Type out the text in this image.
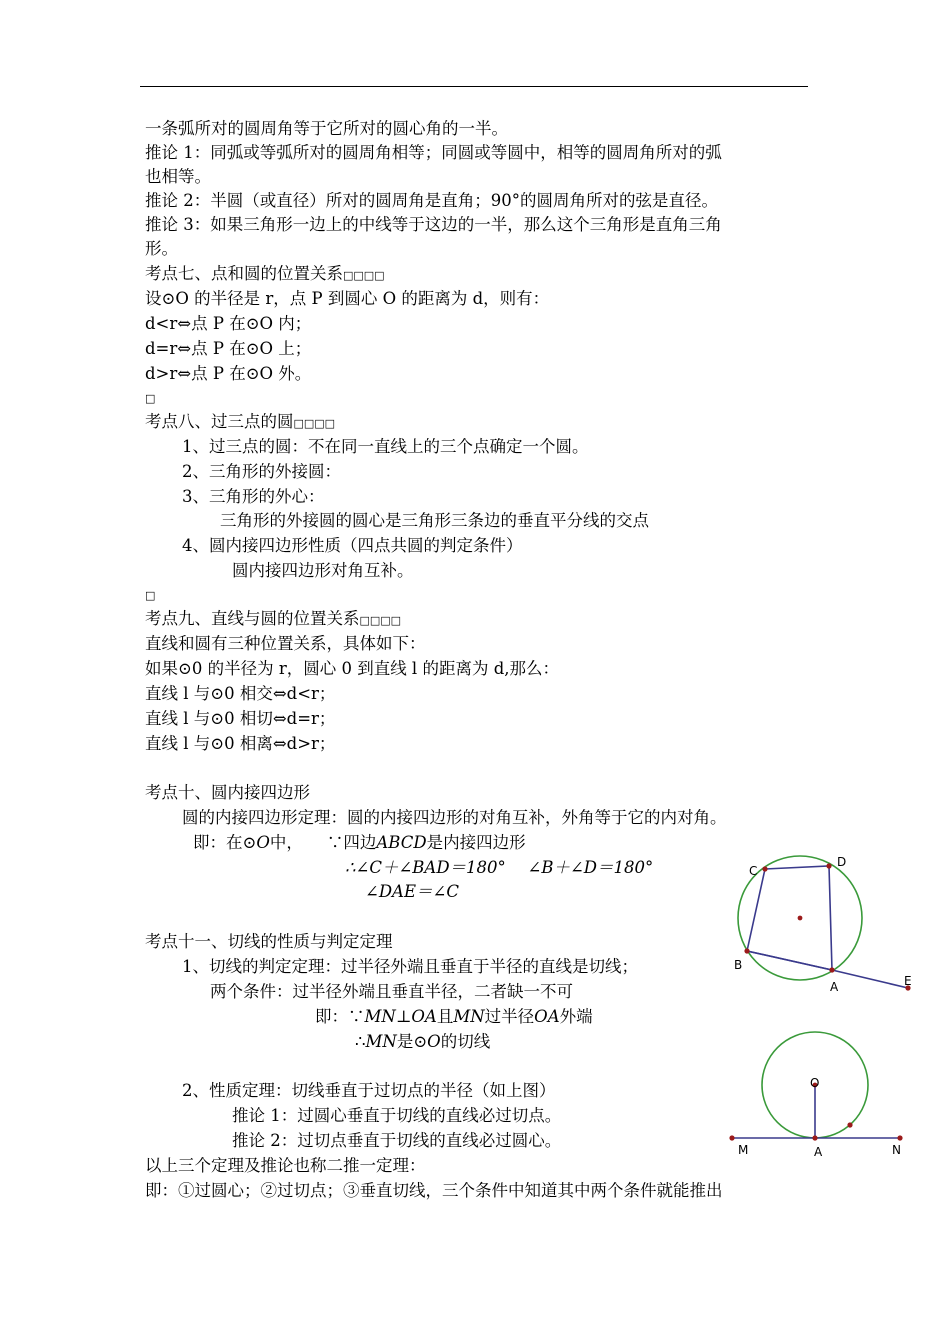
一条弧所对的圆周角等于它所对的圆心角的一半。
推论 1：同弧或等弧所对的圆周角相等；同圆或等圆中，相等的圆周角所对的弧
也相等。
推论 2：半圆（或直径）所对的圆周角是直角；90°的圆周角所对的弦是直径。
推论 3：如果三角形一边上的中线等于这边的一半，那么这个三角形是直角三角
形。
考点七、点和圆的位置关系□□□□
设⊙O 的半径是 r，点 P 到圆心 O 的距离为 d，则有：
d<r⇔点 P 在⊙O 内；
d=r⇔点 P 在⊙O 上；
d>r⇔点 P 在⊙O 外。
□
考点八、过三点的圆□□□□
1、过三点的圆：不在同一直线上的三个点确定一个圆。
2、三角形的外接圆：
3、三角形的外心：
三角形的外接圆的圆心是三角形三条边的垂直平分线的交点
4、圆内接四边形性质（四点共圆的判定条件）
圆内接四边形对角互补。
□
考点九、直线与圆的位置关系□□□□
直线和圆有三种位置关系，具体如下：
如果⊙0 的半径为 r，圆心 0 到直线 l 的距离为 d,那么：
直线 l 与⊙0 相交⇔d<r；
直线 l 与⊙0 相切⇔d=r；
直线 l 与⊙0 相离⇔d>r；
考点十、圆内接四边形
圆的内接四边形定理：圆的内接四边形的对角互补，外角等于它的内对角。
即：在⊙O中， ∵四边ABCD是内接四边形
∴∠C＋∠BAD＝180°　 ∠B＋∠D＝180°
∠DAE＝∠C
考点十一、切线的性质与判定定理
1、切线的判定定理：过半径外端且垂直于半径的直线是切线；
两个条件：过半径外端且垂直半径，二者缺一不可
即：∵MN⊥OA且MN过半径OA外端
∴MN是⊙O的切线
2、性质定理：切线垂直于过切点的半径（如上图）
推论 1：过圆心垂直于切线的直线必过切点。
推论 2：过切点垂直于切线的直线必过圆心。
以上三个定理及推论也称二推一定理：
即：①过圆心；②过切点；③垂直切线，三个条件中知道其中两个条件就能推出
C
D
B
A	E
O
M	A	N
